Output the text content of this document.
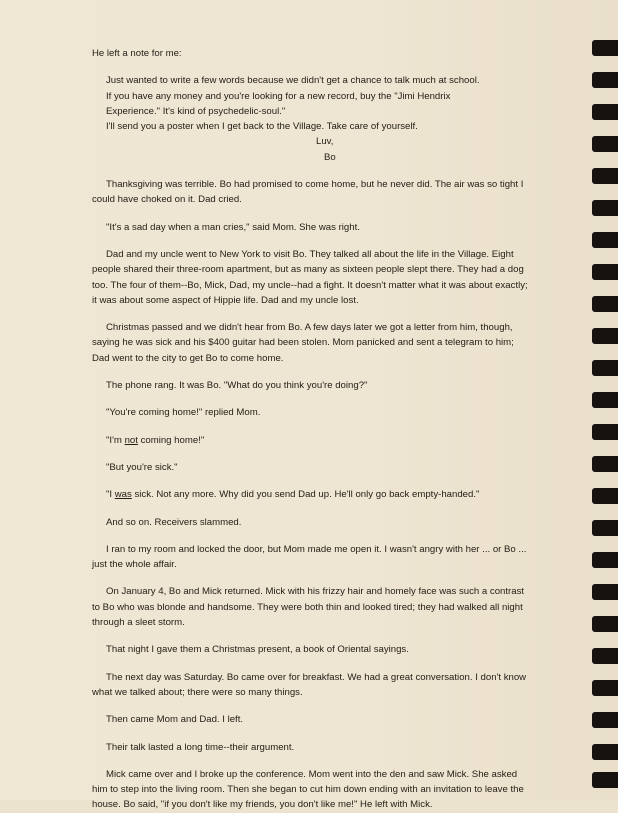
He left a note for me:

Just wanted to write a few words because we didn't get a chance to talk much at school.

If you have any money and you're looking for a new record, buy the "Jimi Hendrix

Experience." It's kind of psychedelic-soul."

I'll send you a poster when I get back to the Village. Take care of yourself.

Luv,

Bo

Thanksgiving was terrible. Bo had promised to come home, but he never did. The air was so tight I could have choked on it. Dad cried.

"It's a sad day when a man cries," said Mom. She was right.

Dad and my uncle went to New York to visit Bo. They talked all about the life in the Village. Eight people shared their three-room apartment, but as many as sixteen people slept there. They had a dog too. The four of them--Bo, Mick, Dad, my uncle--had a fight. It doesn't matter what it was about exactly; it was about some aspect of Hippie life. Dad and my uncle lost.

Christmas passed and we didn't hear from Bo. A few days later we got a letter from him, though, saying he was sick and his $400 guitar had been stolen. Mom panicked and sent a telegram to him; Dad went to the city to get Bo to come home.

The phone rang. It was Bo. "What do you think you're doing?"

"You're coming home!" replied Mom.

"I'm not coming home!"

"But you're sick."

"I was sick. Not any more. Why did you send Dad up. He'll only go back empty-handed."

And so on. Receivers slammed.

I ran to my room and locked the door, but Mom made me open it. I wasn't angry with her ... or Bo ... just the whole affair.

On January 4, Bo and Mick returned. Mick with his frizzy hair and homely face was such a contrast to Bo who was blonde and handsome. They were both thin and looked tired; they had walked all night through a sleet storm.

That night I gave them a Christmas present, a book of Oriental sayings.

The next day was Saturday. Bo came over for breakfast. We had a great conversation. I don't know what we talked about; there were so many things.

Then came Mom and Dad. I left.

Their talk lasted a long time--their argument.

Mick came over and I broke up the conference. Mom went into the den and saw Mick. She asked him to step into the living room. Then she began to cut him down ending with an invitation to leave the house. Bo said, "if you don't like my friends, you don't like me!" He left with Mick.
